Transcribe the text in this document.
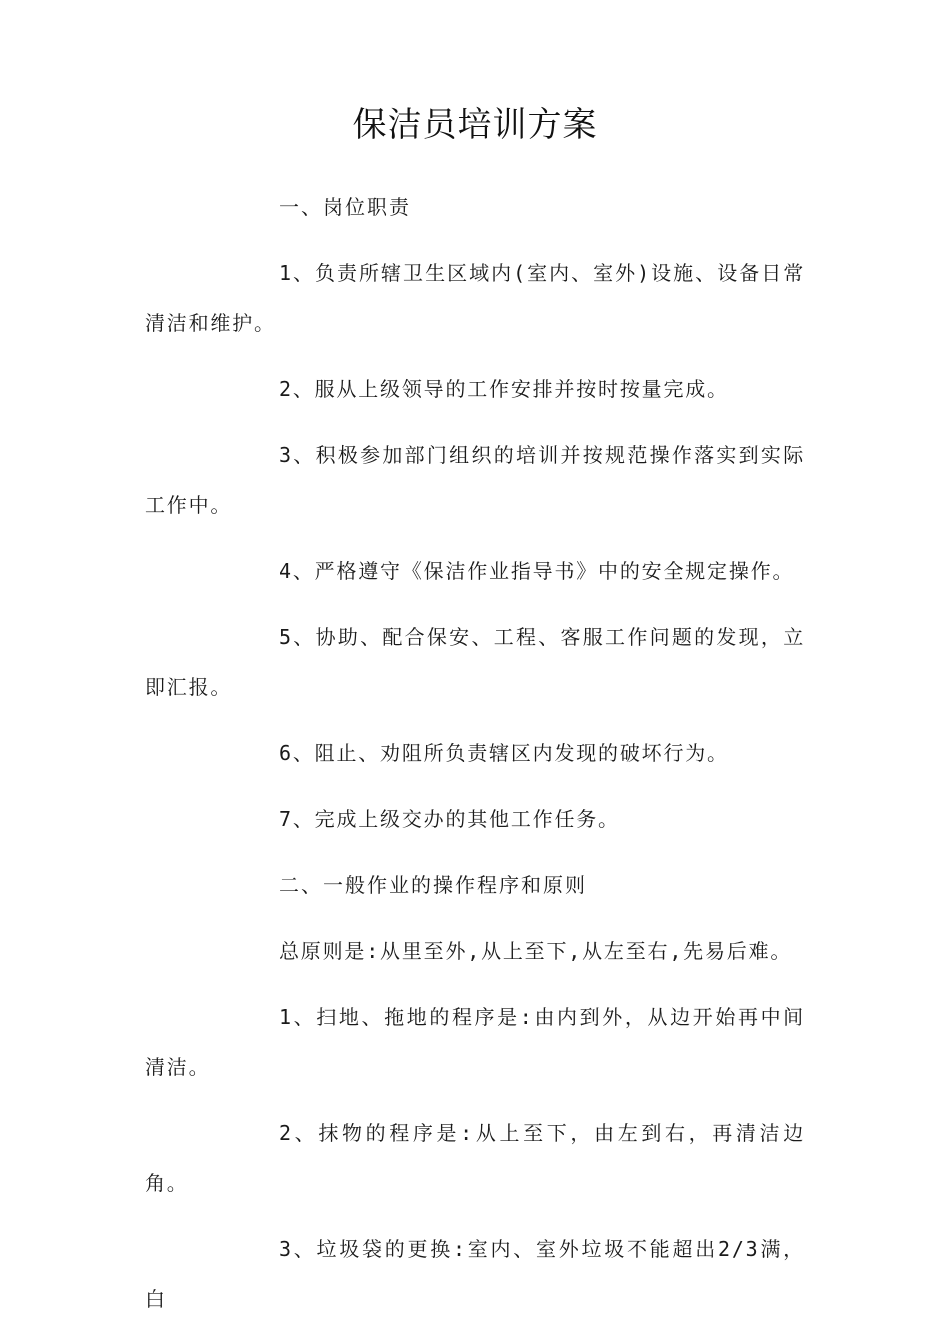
保洁员培训方案

一、岗位职责

1、负责所辖卫生区域内(室内、室外)设施、设备日常清洁和维护。

2、服从上级领导的工作安排并按时按量完成。

3、积极参加部门组织的培训并按规范操作落实到实际工作中。

4、严格遵守《保洁作业指导书》中的安全规定操作。

5、协助、配合保安、工程、客服工作问题的发现，立即汇报。

6、阻止、劝阻所负责辖区内发现的破坏行为。

7、完成上级交办的其他工作任务。

二、一般作业的操作程序和原则

总原则是:从里至外,从上至下,从左至右,先易后难。

1、扫地、拖地的程序是:由内到外，从边开始再中间清洁。

2、抹物的程序是:从上至下，由左到右，再清洁边角。

3、垃圾袋的更换:室内、室外垃圾不能超出2/3满，白
